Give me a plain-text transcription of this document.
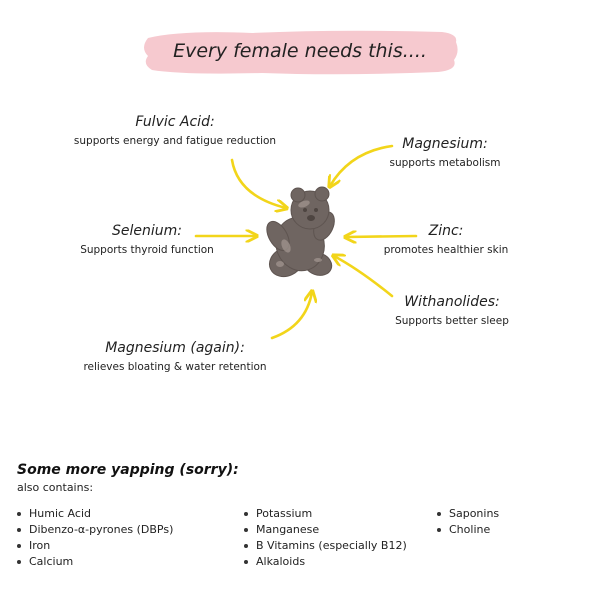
Every female needs this....
Fulvic Acid:
supports energy and fatigue reduction	Magnesium:
supports metabolism
Selenium:
Supports thyroid function
Zinc:
promotes healthier skin
Withanolides:
Supports better sleep
Magnesium (again):
relieves bloating & water retention
Some more yapping (sorry):
also contains:
Humic Acid
Dibenzo-α-pyrones (DBPs)
Iron
Calcium
Potassium
Manganese
B Vitamins (especially B12)
Alkaloids
Saponins
Choline
